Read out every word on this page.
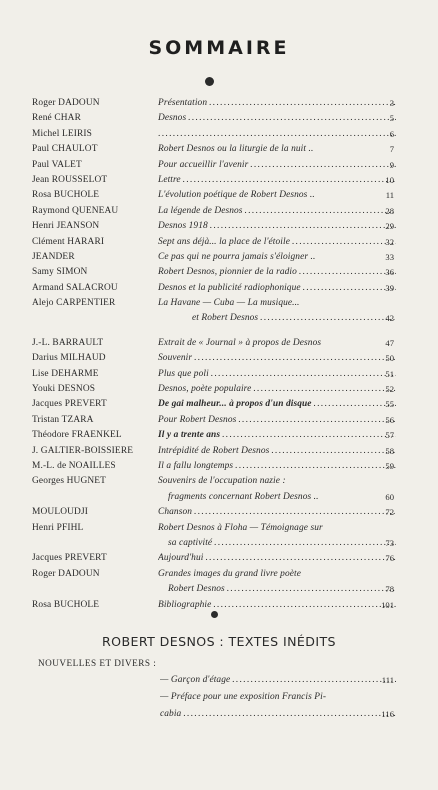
SOMMAIRE
Roger DADOUN	Présentation . . .	3
René CHAR	Desnos . . .	5
Michel LEIRIS . . .	6
Paul CHAULOT	Robert Desnos ou la liturgie de la nuit ..	7
Paul VALET	Pour accueillir l'avenir . . .	9
Jean ROUSSELOT	Lettre . . .	10
Rosa BUCHOLE	L'évolution poétique de Robert Desnos ..	11
Raymond QUENEAU	La légende de Desnos . . .	28
Henri JEANSON	Desnos 1918 . . .	29
Clément HARARI	Sept ans déjà... la place de l'étoile . . .	32
JEANDER	Ce pas qui ne pourra jamais s'éloigner ..	33
Samy SIMON	Robert Desnos, pionnier de la radio . . .	36
Armand SALACROU	Desnos et la publicité radiophonique . . .	39
Alejo CARPENTIER	La Havane — Cuba — La musique...
et Robert Desnos . . .	42
J.-L. BARRAULT	Extrait de « Journal » à propos de Desnos	47
Darius MILHAUD	Souvenir . . .	50
Lise DEHARME	Plus que poli . . .	51
Youki DESNOS	Desnos, poète populaire . . .	52
Jacques PREVERT	De gai malheur... à propos d'un disque . . .	55
Tristan TZARA	Pour Robert Desnos . . .	56
Théodore FRAENKEL	Il y a trente ans . . .	57
J. GALTIER-BOISSIERE	Intrépidité de Robert Desnos . . .	58
M.-L. de NOAILLES	Il a fallu longtemps . . .	59
Georges HUGNET	Souvenirs de l'occupation nazie :
fragments concernant Robert Desnos ..	60
MOULOUDJI	Chanson . . .	72
Henri PFIHL	Robert Desnos à Floha — Témoignage sur
sa captivité . . .	73
Jacques PREVERT	Aujourd'hui . . .	76
Roger DADOUN	Grandes images du grand livre poète
Robert Desnos . . .	78
Rosa BUCHOLE	Bibliographie . . .	101
ROBERT DESNOS : TEXTES INÉDITS
NOUVELLES ET DIVERS :
— Garçon d'étage . . .	111
— Préface pour une exposition Francis Pi-
cabia . . .	116
